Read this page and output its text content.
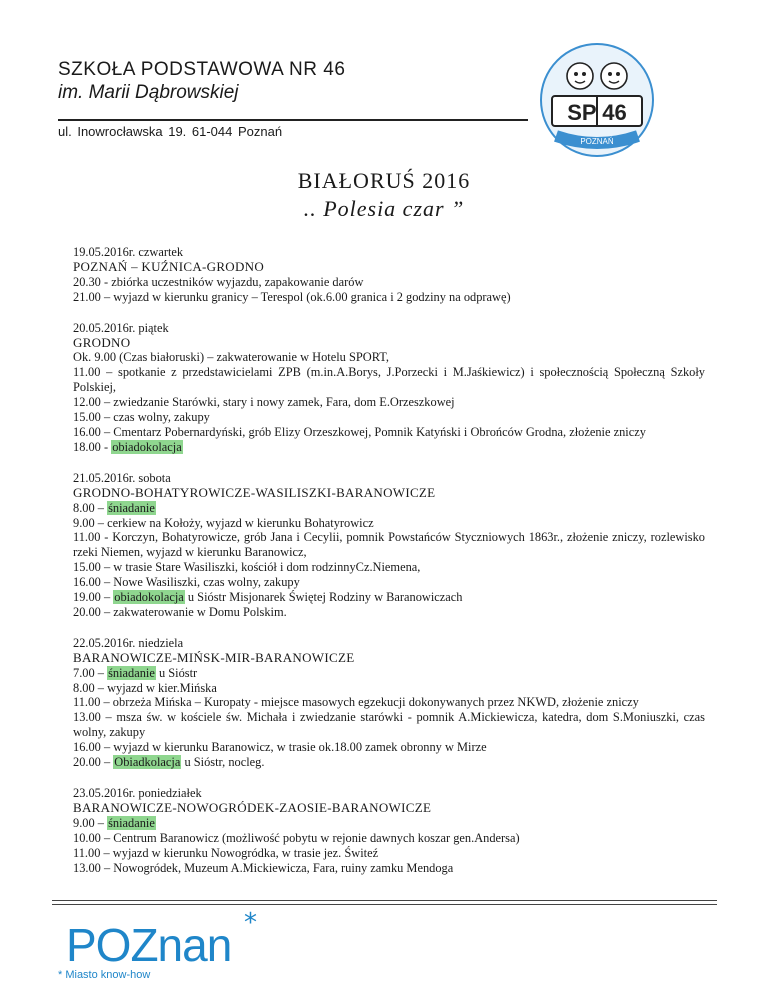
SZKOŁA PODSTAWOWA NR 46
im. Marii Dąbrowskiej
ul. Inowrocławska 19. 61-044 Poznań
SP 46
POZNAŃ
BIAŁORUŚ 2016
.. Polesia czar ”
19.05.2016r. czwartek
POZNAŃ – KUŹNICA-GRODNO
20.30 - zbiórka uczestników wyjazdu, zapakowanie darów
21.00 – wyjazd w kierunku granicy – Terespol (ok.6.00 granica i 2 godziny na odprawę)
20.05.2016r. piątek
GRODNO
Ok. 9.00 (Czas białoruski) – zakwaterowanie w Hotelu SPORT,
11.00 – spotkanie z przedstawicielami ZPB (m.in.A.Borys, J.Porzecki i M.Jaśkiewicz) i społecznością Społeczną Szkoły Polskiej,
12.00 – zwiedzanie Starówki, stary i nowy zamek, Fara, dom E.Orzeszkowej
15.00 – czas wolny, zakupy
16.00 – Cmentarz Pobernardyński, grób Elizy Orzeszkowej, Pomnik Katyński i Obrońców Grodna, złożenie zniczy
18.00 - obiadokolacja
21.05.2016r. sobota
GRODNO-BOHATYROWICZE-WASILISZKI-BARANOWICZE
8.00 – śniadanie
9.00 – cerkiew na Kołoży, wyjazd w kierunku Bohatyrowicz
11.00 - Korczyn, Bohatyrowicze, grób Jana i Cecylii, pomnik Powstańców Styczniowych 1863r., złożenie zniczy, rozlewisko rzeki Niemen, wyjazd w kierunku Baranowicz,
15.00 – w trasie Stare Wasiliszki, kościół i dom rodzinnyCz.Niemena,
16.00 – Nowe Wasiliszki, czas wolny, zakupy
19.00 – obiadokolacja u Sióstr Misjonarek Świętej Rodziny w Baranowiczach
20.00 – zakwaterowanie w Domu Polskim.
22.05.2016r. niedziela
BARANOWICZE-MIŃSK-MIR-BARANOWICZE
7.00 – śniadanie u Sióstr
8.00 – wyjazd w kier.Mińska
11.00 – obrzeża Mińska – Kuropaty - miejsce masowych egzekucji dokonywanych przez NKWD, złożenie zniczy
13.00 – msza św. w kościele św. Michała i zwiedzanie starówki - pomnik A.Mickiewicza, katedra, dom S.Moniuszki, czas wolny, zakupy
16.00 – wyjazd w kierunku Baranowicz, w trasie ok.18.00 zamek obronny w Mirze
20.00 – Obiadkolacja u Sióstr, nocleg.
23.05.2016r. poniedziałek
BARANOWICZE-NOWOGRÓDEK-ZAOSIE-BARANOWICZE
9.00 – śniadanie
10.00 – Centrum Baranowicz (możliwość pobytu w rejonie dawnych koszar gen.Andersa)
11.00 – wyjazd w kierunku Nowogródka, w trasie jez. Świteź
13.00 – Nowogródek, Muzeum A.Mickiewicza, Fara, ruiny zamku Mendoga
POZnan *
* Miasto know-how
